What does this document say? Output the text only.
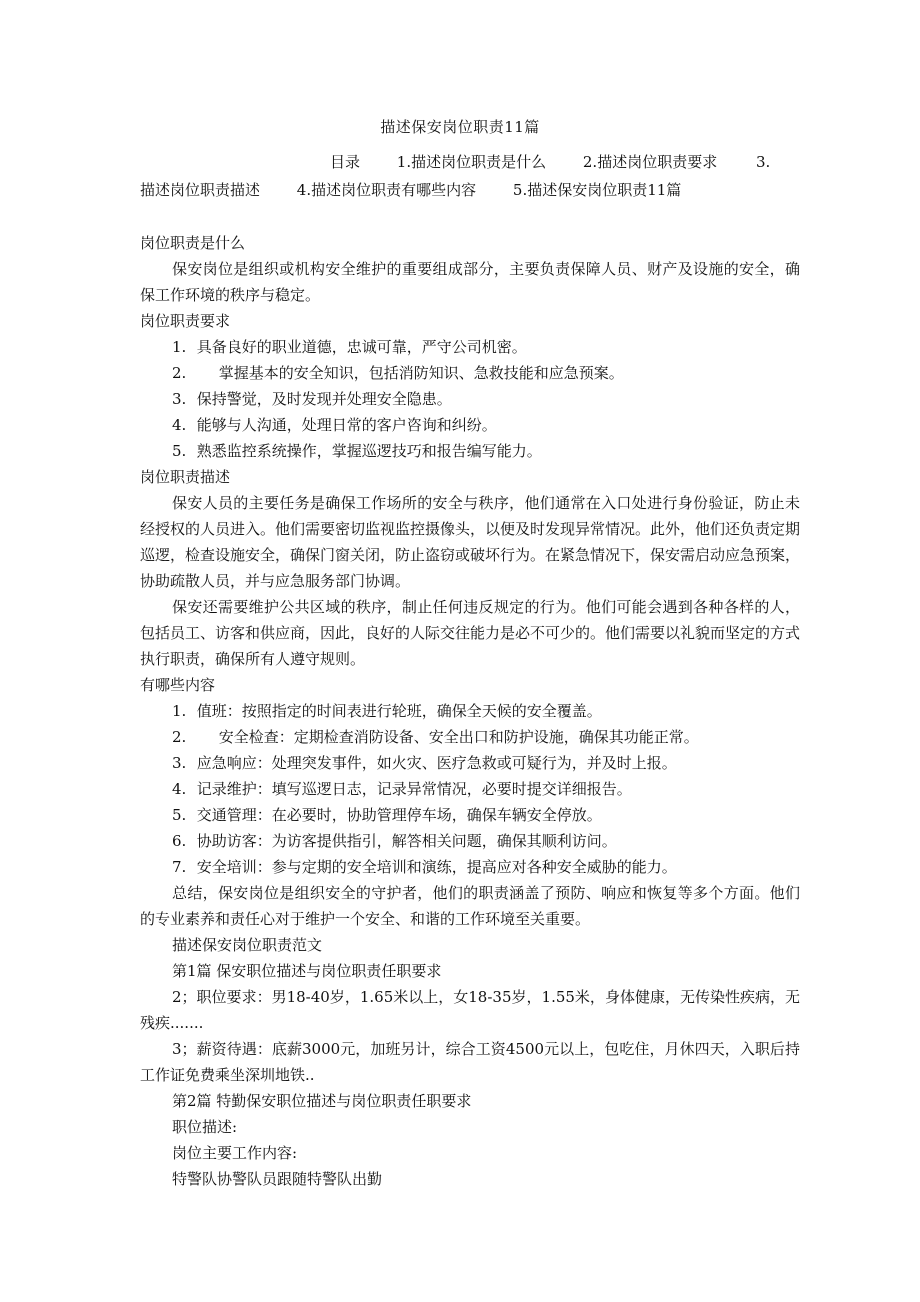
描述保安岗位职责11篇
目录 1.描述岗位职责是什么 2.描述岗位职责要求	3.
描述岗位职责描述 4.描述岗位职责有哪些内容 5.描述保安岗位职责11篇

岗位职责是什么

保安岗位是组织或机构安全维护的重要组成部分，主要负责保障人员、财产及设施的安全，确保工作环境的秩序与稳定。

岗位职责要求

1. 具备良好的职业道德，忠诚可靠，严守公司机密。

2. 掌握基本的安全知识，包括消防知识、急救技能和应急预案。

3. 保持警觉，及时发现并处理安全隐患。

4. 能够与人沟通，处理日常的客户咨询和纠纷。

5. 熟悉监控系统操作，掌握巡逻技巧和报告编写能力。

岗位职责描述

保安人员的主要任务是确保工作场所的安全与秩序，他们通常在入口处进行身份验证，防止未经授权的人员进入。他们需要密切监视监控摄像头，以便及时发现异常情况。此外，他们还负责定期巡逻，检查设施安全，确保门窗关闭，防止盗窃或破坏行为。在紧急情况下，保安需启动应急预案，协助疏散人员，并与应急服务部门协调。

保安还需要维护公共区域的秩序，制止任何违反规定的行为。他们可能会遇到各种各样的人，包括员工、访客和供应商，因此，良好的人际交往能力是必不可少的。他们需要以礼貌而坚定的方式执行职责，确保所有人遵守规则。

有哪些内容

1. 值班：按照指定的时间表进行轮班，确保全天候的安全覆盖。

2. 安全检查：定期检查消防设备、安全出口和防护设施，确保其功能正常。

3. 应急响应：处理突发事件，如火灾、医疗急救或可疑行为，并及时上报。

4. 记录维护：填写巡逻日志，记录异常情况，必要时提交详细报告。

5. 交通管理：在必要时，协助管理停车场，确保车辆安全停放。

6. 协助访客：为访客提供指引，解答相关问题，确保其顺利访问。

7. 安全培训：参与定期的安全培训和演练，提高应对各种安全威胁的能力。

总结，保安岗位是组织安全的守护者，他们的职责涵盖了预防、响应和恢复等多个方面。他们的专业素养和责任心对于维护一个安全、和谐的工作环境至关重要。

描述保安岗位职责范文

第1篇 保安职位描述与岗位职责任职要求

2；职位要求：男18-40岁，1.65米以上，女18-35岁，1.55米，身体健康，无传染性疾病，无残疾.......

3；薪资待遇：底薪3000元，加班另计，综合工资4500元以上，包吃住，月休四天，入职后持工作证免费乘坐深圳地铁..

第2篇 特勤保安职位描述与岗位职责任职要求

职位描述:

岗位主要工作内容:

特警队协警队员跟随特警队出勤
